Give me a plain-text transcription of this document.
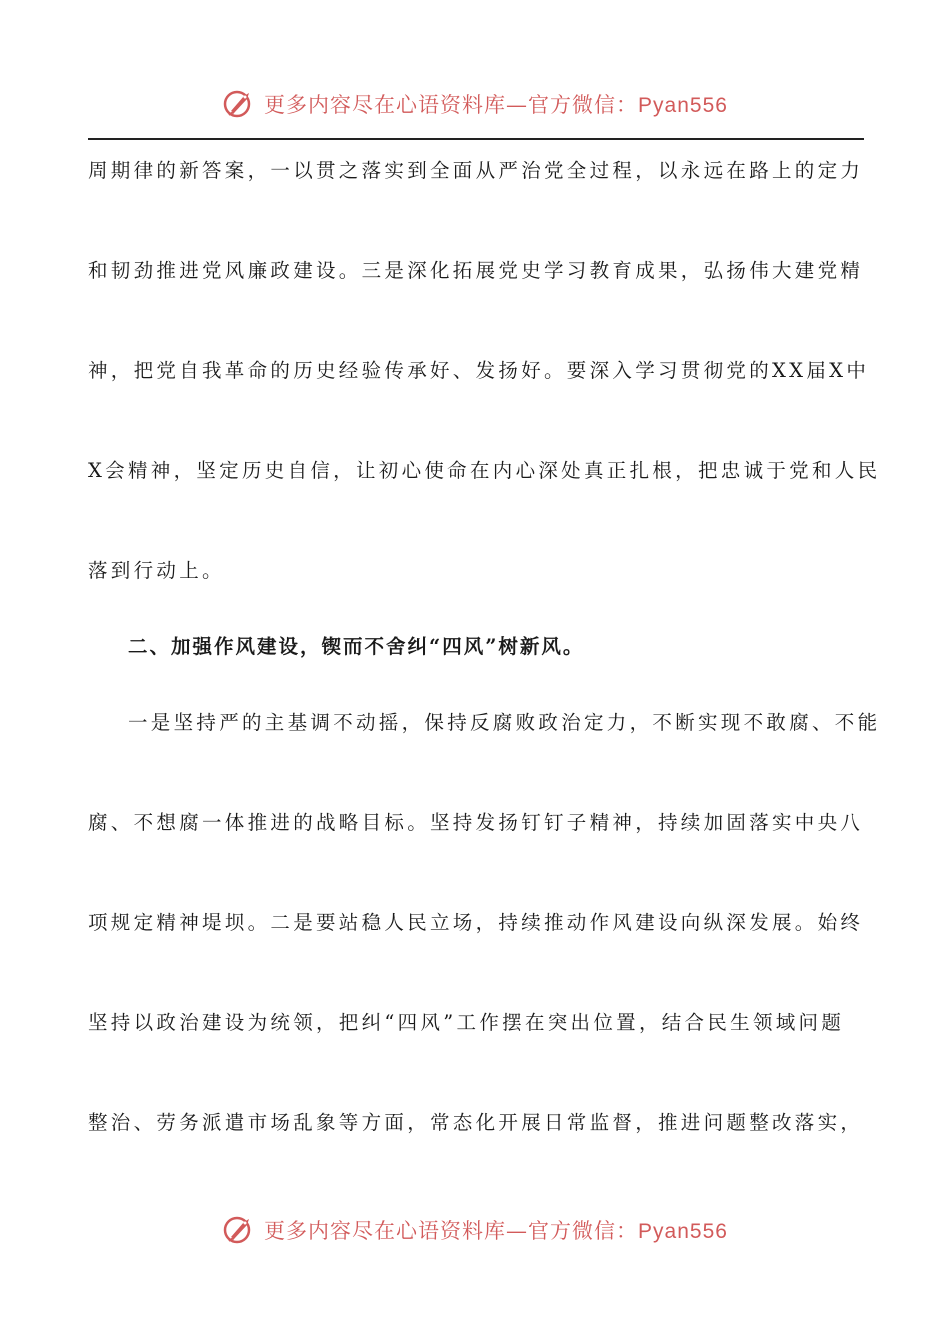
更多内容尽在心语资料库—官方微信：Pyan556

周期律的新答案，一以贯之落实到全面从严治党全过程，以永远在路上的定力

和韧劲推进党风廉政建设。三是深化拓展党史学习教育成果，弘扬伟大建党精

神，把党自我革命的历史经验传承好、发扬好。要深入学习贯彻党的XX届X中

X会精神，坚定历史自信，让初心使命在内心深处真正扎根，把忠诚于党和人民

落到行动上。

二、加强作风建设，锲而不舍纠“四风”树新风。

一是坚持严的主基调不动摇，保持反腐败政治定力，不断实现不敢腐、不能

腐、不想腐一体推进的战略目标。坚持发扬钉钉子精神，持续加固落实中央八

项规定精神堤坝。二是要站稳人民立场，持续推动作风建设向纵深发展。始终

坚持以政治建设为统领，把纠“四风”工作摆在突出位置，结合民生领域问题

整治、劳务派遣市场乱象等方面，常态化开展日常监督，推进问题整改落实，

更多内容尽在心语资料库—官方微信：Pyan556
